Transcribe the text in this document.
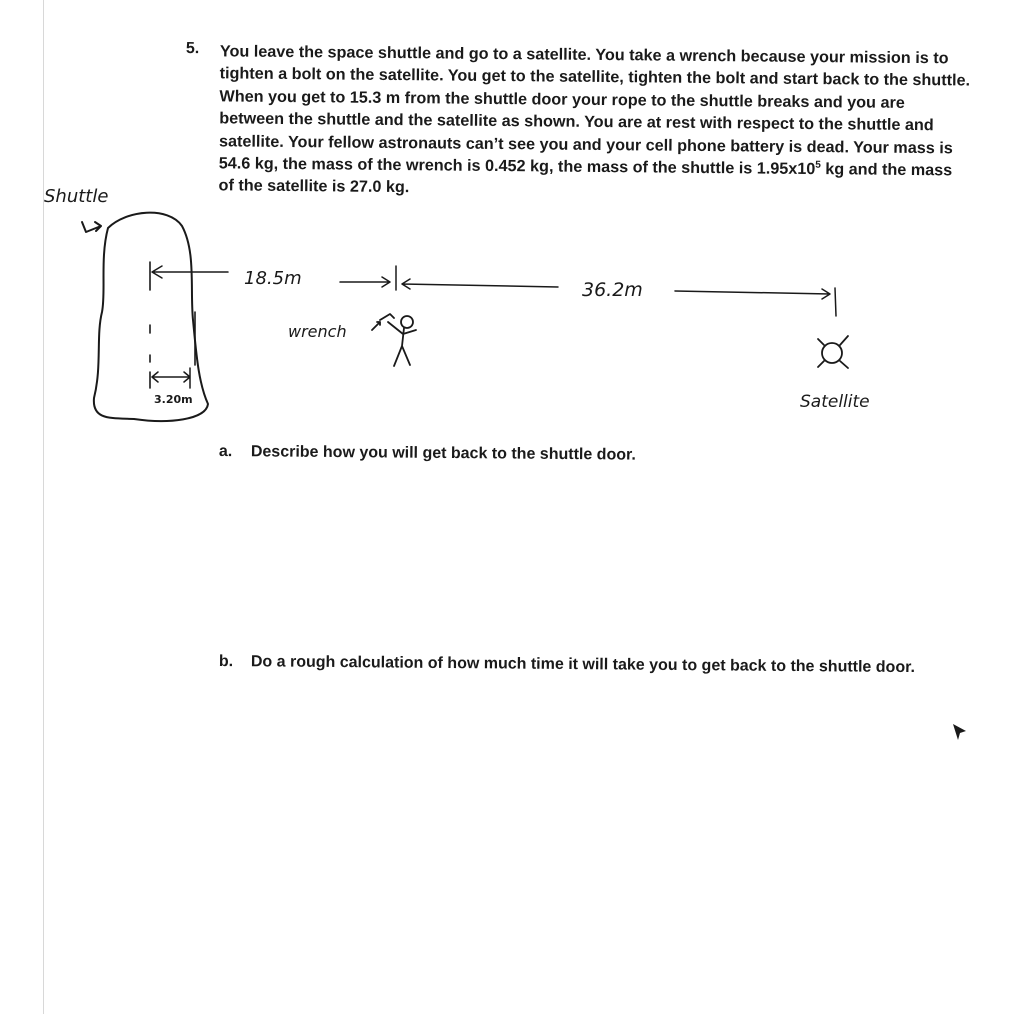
5. You leave the space shuttle and go to a satellite. You take a wrench because your mission is to tighten a bolt on the satellite. You get to the satellite, tighten the bolt and start back to the shuttle. When you get to 15.3 m from the shuttle door your rope to the shuttle breaks and you are between the shuttle and the satellite as shown. You are at rest with respect to the shuttle and satellite. Your fellow astronauts can’t see you and your cell phone battery is dead. Your mass is 54.6 kg, the mass of the wrench is 0.452 kg, the mass of the shuttle is $1.95x10^5$ kg and the mass of the satellite is 27.0 kg.
Shuttle
Satellite
wrench
18.5m
36.2m
3.20m
a. Describe how you will get back to the shuttle door.
b. Do a rough calculation of how much time it will take you to get back to the shuttle door.
